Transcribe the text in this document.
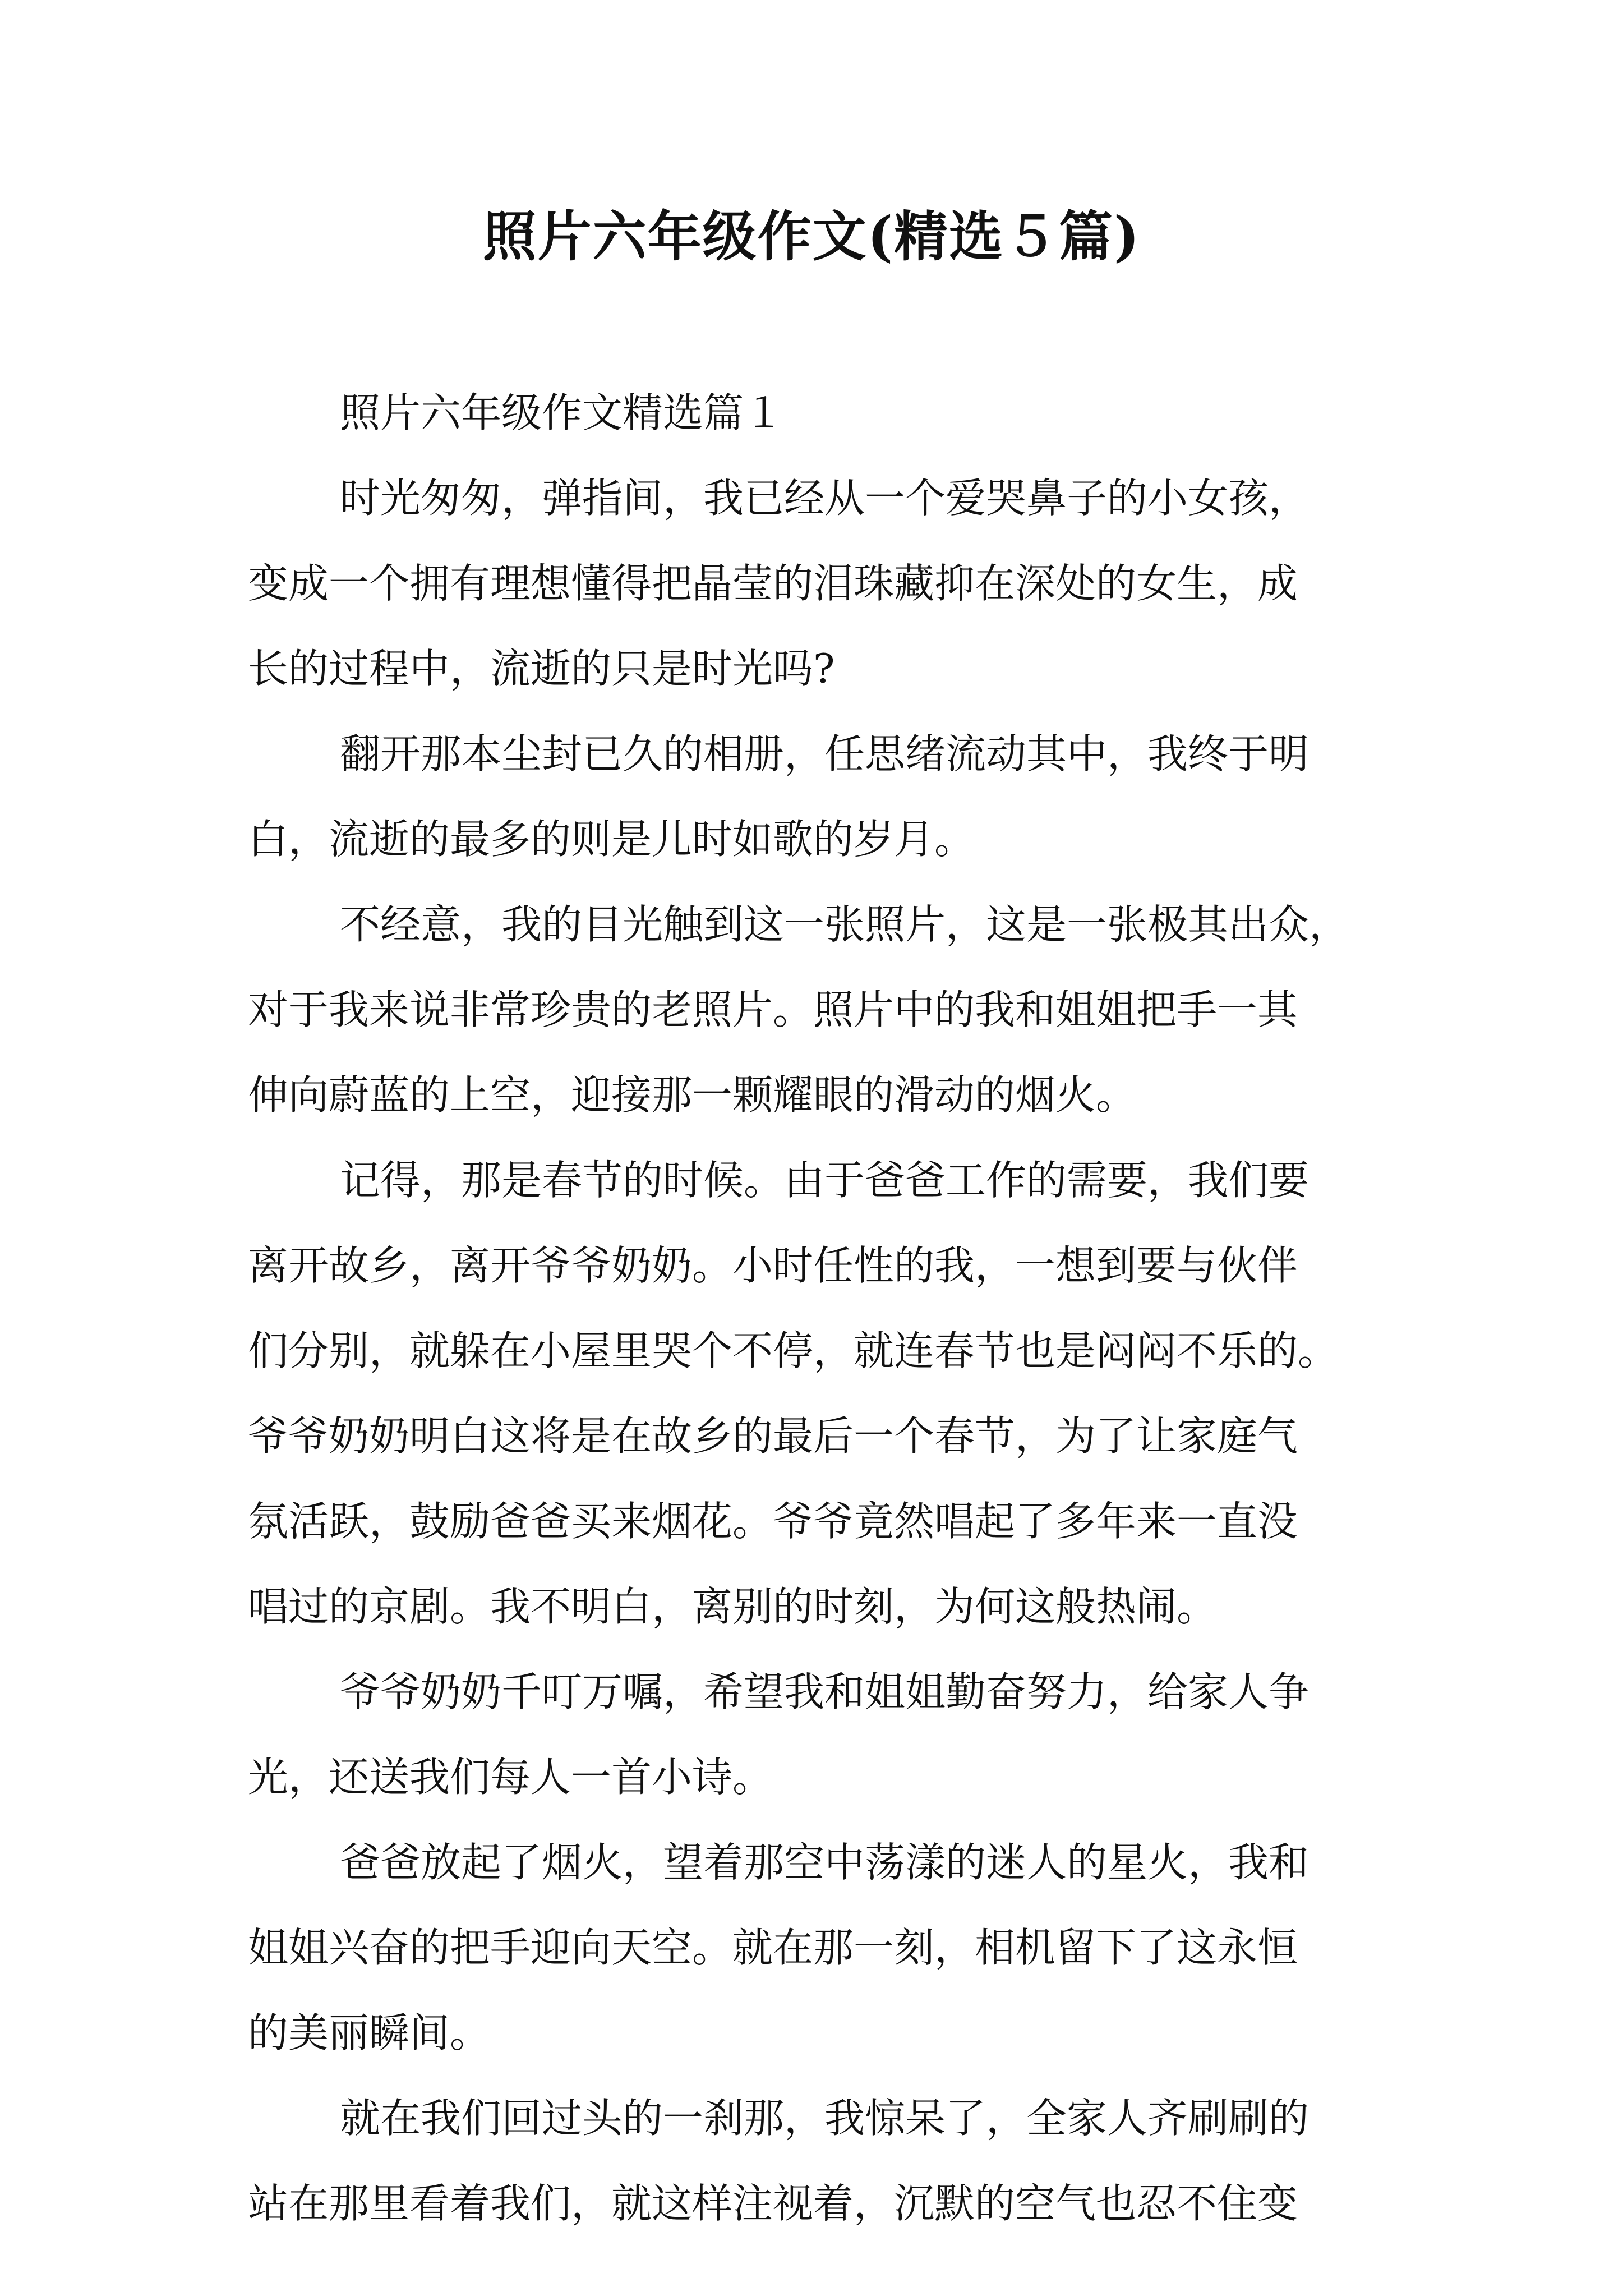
照片六年级作文(精选５篇)
照片六年级作文精选篇１
时光匆匆，弹指间，我已经从一个爱哭鼻子的小女孩，
变成一个拥有理想懂得把晶莹的泪珠藏抑在深处的女生，成
长的过程中，流逝的只是时光吗?
翻开那本尘封已久的相册，任思绪流动其中，我终于明
白，流逝的最多的则是儿时如歌的岁月。
不经意，我的目光触到这一张照片，这是一张极其出众，
对于我来说非常珍贵的老照片。照片中的我和姐姐把手一其
伸向蔚蓝的上空，迎接那一颗耀眼的滑动的烟火。
记得，那是春节的时候。由于爸爸工作的需要，我们要
离开故乡，离开爷爷奶奶。小时任性的我，一想到要与伙伴
们分别，就躲在小屋里哭个不停，就连春节也是闷闷不乐的。
爷爷奶奶明白这将是在故乡的最后一个春节，为了让家庭气
氛活跃，鼓励爸爸买来烟花。爷爷竟然唱起了多年来一直没
唱过的京剧。我不明白，离别的时刻，为何这般热闹。
爷爷奶奶千叮万嘱，希望我和姐姐勤奋努力，给家人争
光，还送我们每人一首小诗。
爸爸放起了烟火，望着那空中荡漾的迷人的星火，我和
姐姐兴奋的把手迎向天空。就在那一刻，相机留下了这永恒
的美丽瞬间。
就在我们回过头的一刹那，我惊呆了，全家人齐刷刷的
站在那里看着我们，就这样注视着，沉默的空气也忍不住变
